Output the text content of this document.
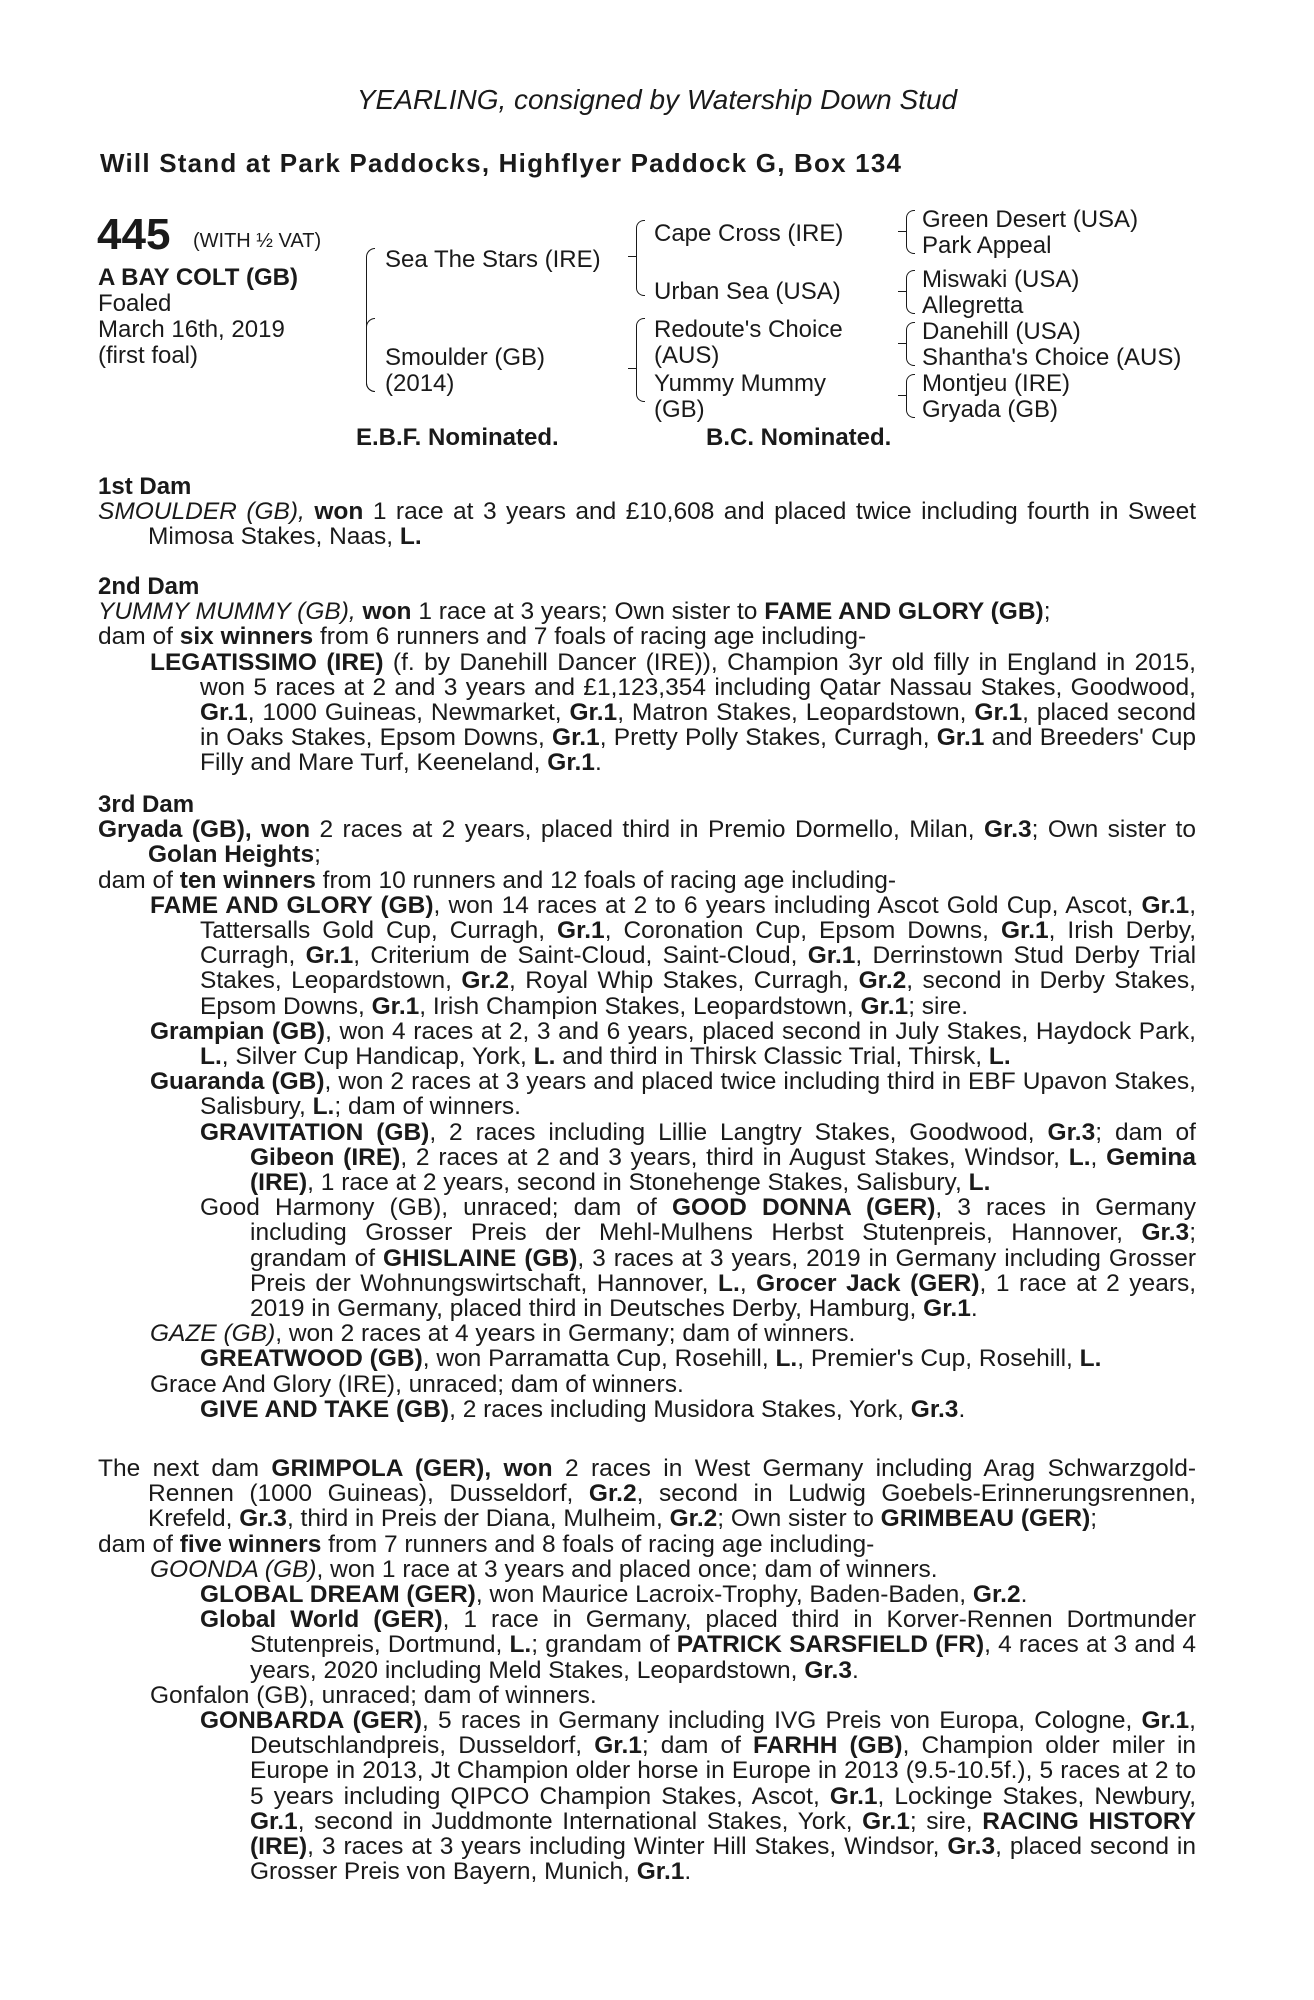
YEARLING, consigned by Watership Down Stud
Will Stand at Park Paddocks, Highflyer Paddock G, Box 134
445 (WITH ½ VAT)
A BAY COLT (GB)
Foaled
March 16th, 2019
(first foal)
Sea The Stars (IRE)
Smoulder (GB)
(2014)
Cape Cross (IRE)
Urban Sea (USA)
Redoute's Choice
(AUS)
Yummy Mummy
(GB)
Green Desert (USA)
Park Appeal
Miswaki (USA)
Allegretta
Danehill (USA)
Shantha's Choice (AUS)
Montjeu (IRE)
Gryada (GB)
E.B.F. Nominated.	B.C. Nominated.

1st Dam

SMOULDER (GB), won 1 race at 3 years and £10,608 and placed twice including fourth in Sweet Mimosa Stakes, Naas, L.

2nd Dam

YUMMY MUMMY (GB), won 1 race at 3 years; Own sister to FAME AND GLORY (GB);

dam of six winners from 6 runners and 7 foals of racing age including-

LEGATISSIMO (IRE) (f. by Danehill Dancer (IRE)), Champion 3yr old filly in England in 2015, won 5 races at 2 and 3 years and £1,123,354 including Qatar Nassau Stakes, Goodwood, Gr.1, 1000 Guineas, Newmarket, Gr.1, Matron Stakes, Leopardstown, Gr.1, placed second in Oaks Stakes, Epsom Downs, Gr.1, Pretty Polly Stakes, Curragh, Gr.1 and Breeders' Cup Filly and Mare Turf, Keeneland, Gr.1.

3rd Dam

Gryada (GB), won 2 races at 2 years, placed third in Premio Dormello, Milan, Gr.3; Own sister to Golan Heights;

dam of ten winners from 10 runners and 12 foals of racing age including-

FAME AND GLORY (GB), won 14 races at 2 to 6 years including Ascot Gold Cup, Ascot, Gr.1, Tattersalls Gold Cup, Curragh, Gr.1, Coronation Cup, Epsom Downs, Gr.1, Irish Derby, Curragh, Gr.1, Criterium de Saint-Cloud, Saint-Cloud, Gr.1, Derrinstown Stud Derby Trial Stakes, Leopardstown, Gr.2, Royal Whip Stakes, Curragh, Gr.2, second in Derby Stakes, Epsom Downs, Gr.1, Irish Champion Stakes, Leopardstown, Gr.1; sire.

Grampian (GB), won 4 races at 2, 3 and 6 years, placed second in July Stakes, Haydock Park, L., Silver Cup Handicap, York, L. and third in Thirsk Classic Trial, Thirsk, L.

Guaranda (GB), won 2 races at 3 years and placed twice including third in EBF Upavon Stakes, Salisbury, L.; dam of winners.

GRAVITATION (GB), 2 races including Lillie Langtry Stakes, Goodwood, Gr.3; dam of Gibeon (IRE), 2 races at 2 and 3 years, third in August Stakes, Windsor, L., Gemina (IRE), 1 race at 2 years, second in Stonehenge Stakes, Salisbury, L.

Good Harmony (GB), unraced; dam of GOOD DONNA (GER), 3 races in Germany including Grosser Preis der Mehl-Mulhens Herbst Stutenpreis, Hannover, Gr.3; grandam of GHISLAINE (GB), 3 races at 3 years, 2019 in Germany including Grosser Preis der Wohnungswirtschaft, Hannover, L., Grocer Jack (GER), 1 race at 2 years, 2019 in Germany, placed third in Deutsches Derby, Hamburg, Gr.1.

GAZE (GB), won 2 races at 4 years in Germany; dam of winners.

GREATWOOD (GB), won Parramatta Cup, Rosehill, L., Premier's Cup, Rosehill, L.

Grace And Glory (IRE), unraced; dam of winners.

GIVE AND TAKE (GB), 2 races including Musidora Stakes, York, Gr.3.

The next dam GRIMPOLA (GER), won 2 races in West Germany including Arag Schwarzgold-Rennen (1000 Guineas), Dusseldorf, Gr.2, second in Ludwig Goebels-Erinnerungsrennen, Krefeld, Gr.3, third in Preis der Diana, Mulheim, Gr.2; Own sister to GRIMBEAU (GER);

dam of five winners from 7 runners and 8 foals of racing age including-

GOONDA (GB), won 1 race at 3 years and placed once; dam of winners.

GLOBAL DREAM (GER), won Maurice Lacroix-Trophy, Baden-Baden, Gr.2.

Global World (GER), 1 race in Germany, placed third in Korver-Rennen Dortmunder Stutenpreis, Dortmund, L.; grandam of PATRICK SARSFIELD (FR), 4 races at 3 and 4 years, 2020 including Meld Stakes, Leopardstown, Gr.3.

Gonfalon (GB), unraced; dam of winners.

GONBARDA (GER), 5 races in Germany including IVG Preis von Europa, Cologne, Gr.1, Deutschlandpreis, Dusseldorf, Gr.1; dam of FARHH (GB), Champion older miler in Europe in 2013, Jt Champion older horse in Europe in 2013 (9.5-10.5f.), 5 races at 2 to 5 years including QIPCO Champion Stakes, Ascot, Gr.1, Lockinge Stakes, Newbury, Gr.1, second in Juddmonte International Stakes, York, Gr.1; sire, RACING HISTORY (IRE), 3 races at 3 years including Winter Hill Stakes, Windsor, Gr.3, placed second in Grosser Preis von Bayern, Munich, Gr.1.
